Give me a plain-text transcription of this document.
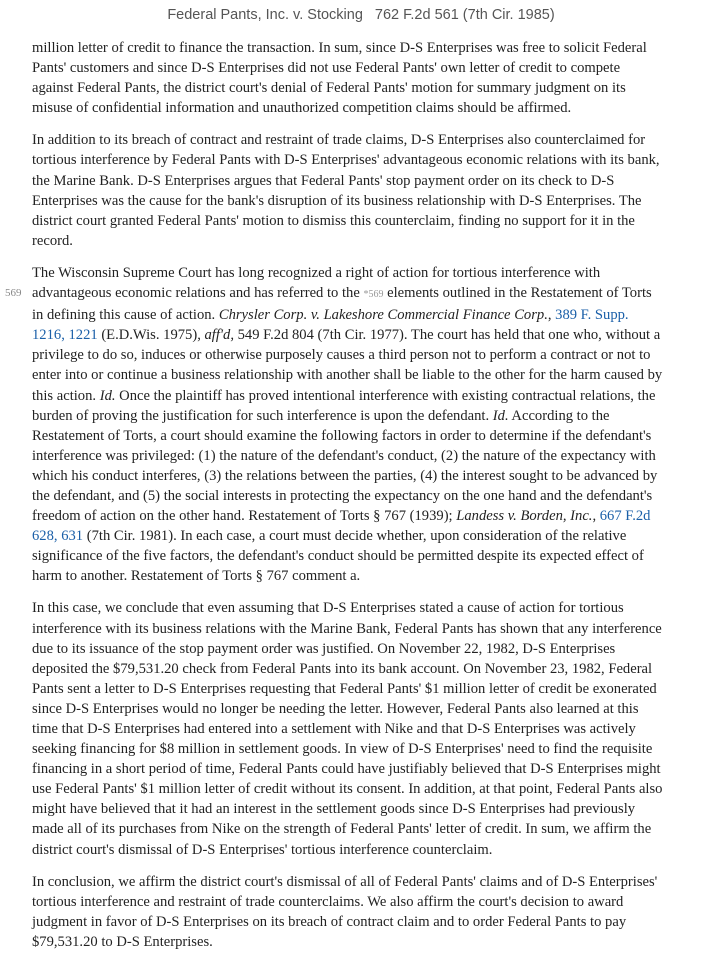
Federal Pants, Inc. v. Stocking 762 F.2d 561 (7th Cir. 1985)

million letter of credit to finance the transaction. In sum, since D-S Enterprises was free to solicit Federal Pants' customers and since D-S Enterprises did not use Federal Pants' own letter of credit to compete against Federal Pants, the district court's denial of Federal Pants' motion for summary judgment on its misuse of confidential information and unauthorized competition claims should be affirmed.

In addition to its breach of contract and restraint of trade claims, D-S Enterprises also counterclaimed for tortious interference by Federal Pants with D-S Enterprises' advantageous economic relations with its bank, the Marine Bank. D-S Enterprises argues that Federal Pants' stop payment order on its check to D-S Enterprises was the cause for the bank's disruption of its business relationship with D-S Enterprises. The district court granted Federal Pants' motion to dismiss this counterclaim, finding no support for it in the record.

569
The Wisconsin Supreme Court has long recognized a right of action for tortious interference with advantageous economic relations and has referred to the *569 elements outlined in the Restatement of Torts in defining this cause of action. Chrysler Corp. v. Lakeshore Commercial Finance Corp., 389 F. Supp. 1216, 1221 (E.D.Wis. 1975), aff'd, 549 F.2d 804 (7th Cir. 1977). The court has held that one who, without a privilege to do so, induces or otherwise purposely causes a third person not to perform a contract or not to enter into or continue a business relationship with another shall be liable to the other for the harm caused by this action. Id. Once the plaintiff has proved intentional interference with existing contractual relations, the burden of proving the justification for such interference is upon the defendant. Id. According to the Restatement of Torts, a court should examine the following factors in order to determine if the defendant's interference was privileged: (1) the nature of the defendant's conduct, (2) the nature of the expectancy with which his conduct interferes, (3) the relations between the parties, (4) the interest sought to be advanced by the defendant, and (5) the social interests in protecting the expectancy on the one hand and the defendant's freedom of action on the other hand. Restatement of Torts § 767 (1939); Landess v. Borden, Inc., 667 F.2d 628, 631 (7th Cir. 1981). In each case, a court must decide whether, upon consideration of the relative significance of the five factors, the defendant's conduct should be permitted despite its expected effect of harm to another. Restatement of Torts § 767 comment a.

In this case, we conclude that even assuming that D-S Enterprises stated a cause of action for tortious interference with its business relations with the Marine Bank, Federal Pants has shown that any interference due to its issuance of the stop payment order was justified. On November 22, 1982, D-S Enterprises deposited the $79,531.20 check from Federal Pants into its bank account. On November 23, 1982, Federal Pants sent a letter to D-S Enterprises requesting that Federal Pants' $1 million letter of credit be exonerated since D-S Enterprises would no longer be needing the letter. However, Federal Pants also learned at this time that D-S Enterprises had entered into a settlement with Nike and that D-S Enterprises was actively seeking financing for $8 million in settlement goods. In view of D-S Enterprises' need to find the requisite financing in a short period of time, Federal Pants could have justifiably believed that D-S Enterprises might use Federal Pants' $1 million letter of credit without its consent. In addition, at that point, Federal Pants also might have believed that it had an interest in the settlement goods since D-S Enterprises had previously made all of its purchases from Nike on the strength of Federal Pants' letter of credit. In sum, we affirm the district court's dismissal of D-S Enterprises' tortious interference counterclaim.

In conclusion, we affirm the district court's dismissal of all of Federal Pants' claims and of D-S Enterprises' tortious interference and restraint of trade counterclaims. We also affirm the court's decision to award judgment in favor of D-S Enterprises on its breach of contract claim and to order Federal Pants to pay $79,531.20 to D-S Enterprises.
